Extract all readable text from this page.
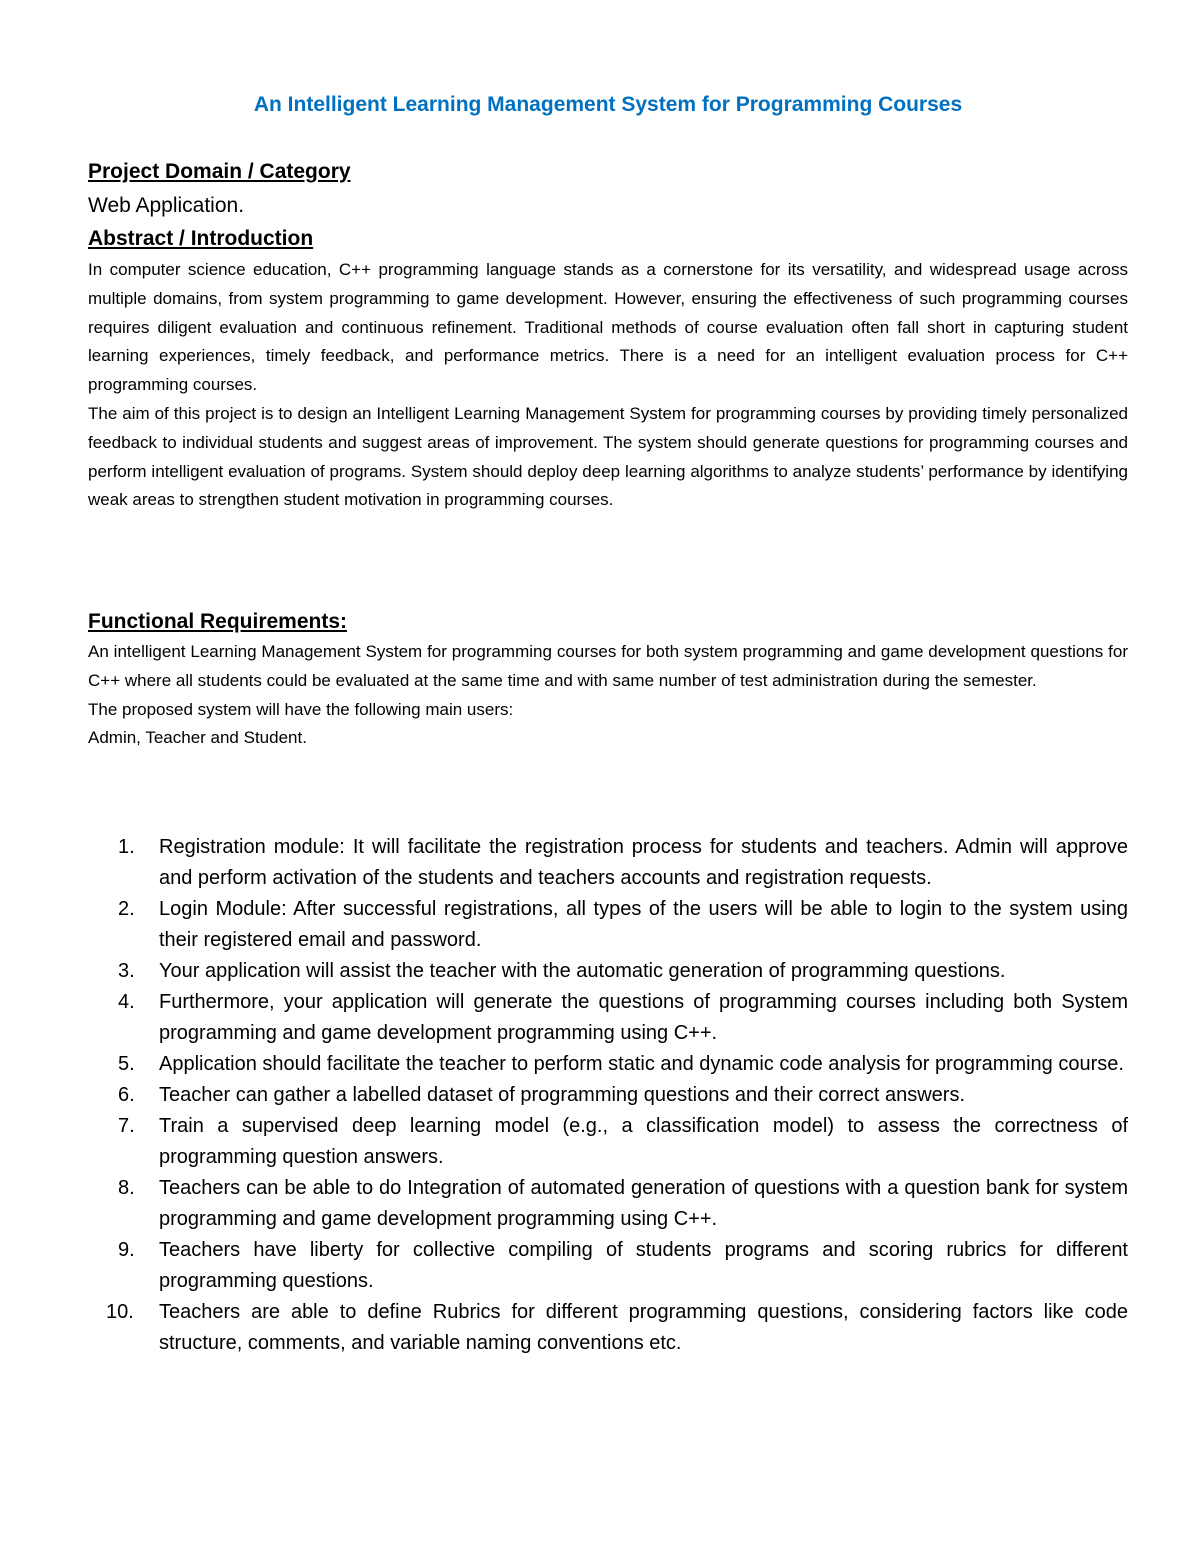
An Intelligent Learning Management System for Programming Courses
Project Domain / Category
Web Application.
Abstract / Introduction

In computer science education, C++ programming language stands as a cornerstone for its versatility, and widespread usage across multiple domains, from system programming to game development. However, ensuring the effectiveness of such programming courses requires diligent evaluation and continuous refinement. Traditional methods of course evaluation often fall short in capturing student learning experiences, timely feedback, and performance metrics. There is a need for an intelligent evaluation process for C++ programming courses.

The aim of this project is to design an Intelligent Learning Management System for programming courses by providing timely personalized feedback to individual students and suggest areas of improvement. The system should generate questions for programming courses and perform intelligent evaluation of programs. System should deploy deep learning algorithms to analyze students’ performance by identifying weak areas to strengthen student motivation in programming courses.

Functional Requirements:

An intelligent Learning Management System for programming courses for both system programming and game development questions for C++ where all students could be evaluated at the same time and with same number of test administration during the semester.

The proposed system will have the following main users:

Admin, Teacher and Student.

1. Registration module: It will facilitate the registration process for students and teachers. Admin will approve and perform activation of the students and teachers accounts and registration requests.
2. Login Module: After successful registrations, all types of the users will be able to login to the system using their registered email and password.
3. Your application will assist the teacher with the automatic generation of programming questions.
4. Furthermore, your application will generate the questions of programming courses including both System programming and game development programming using C++.
5. Application should facilitate the teacher to perform static and dynamic code analysis for programming course.
6. Teacher can gather a labelled dataset of programming questions and their correct answers.
7. Train a supervised deep learning model (e.g., a classification model) to assess the correctness of programming question answers.
8. Teachers can be able to do Integration of automated generation of questions with a question bank for system programming and game development programming using C++.
9. Teachers have liberty for collective compiling of students programs and scoring rubrics for different programming questions.
10. Teachers are able to define Rubrics for different programming questions, considering factors like code structure, comments, and variable naming conventions etc.
